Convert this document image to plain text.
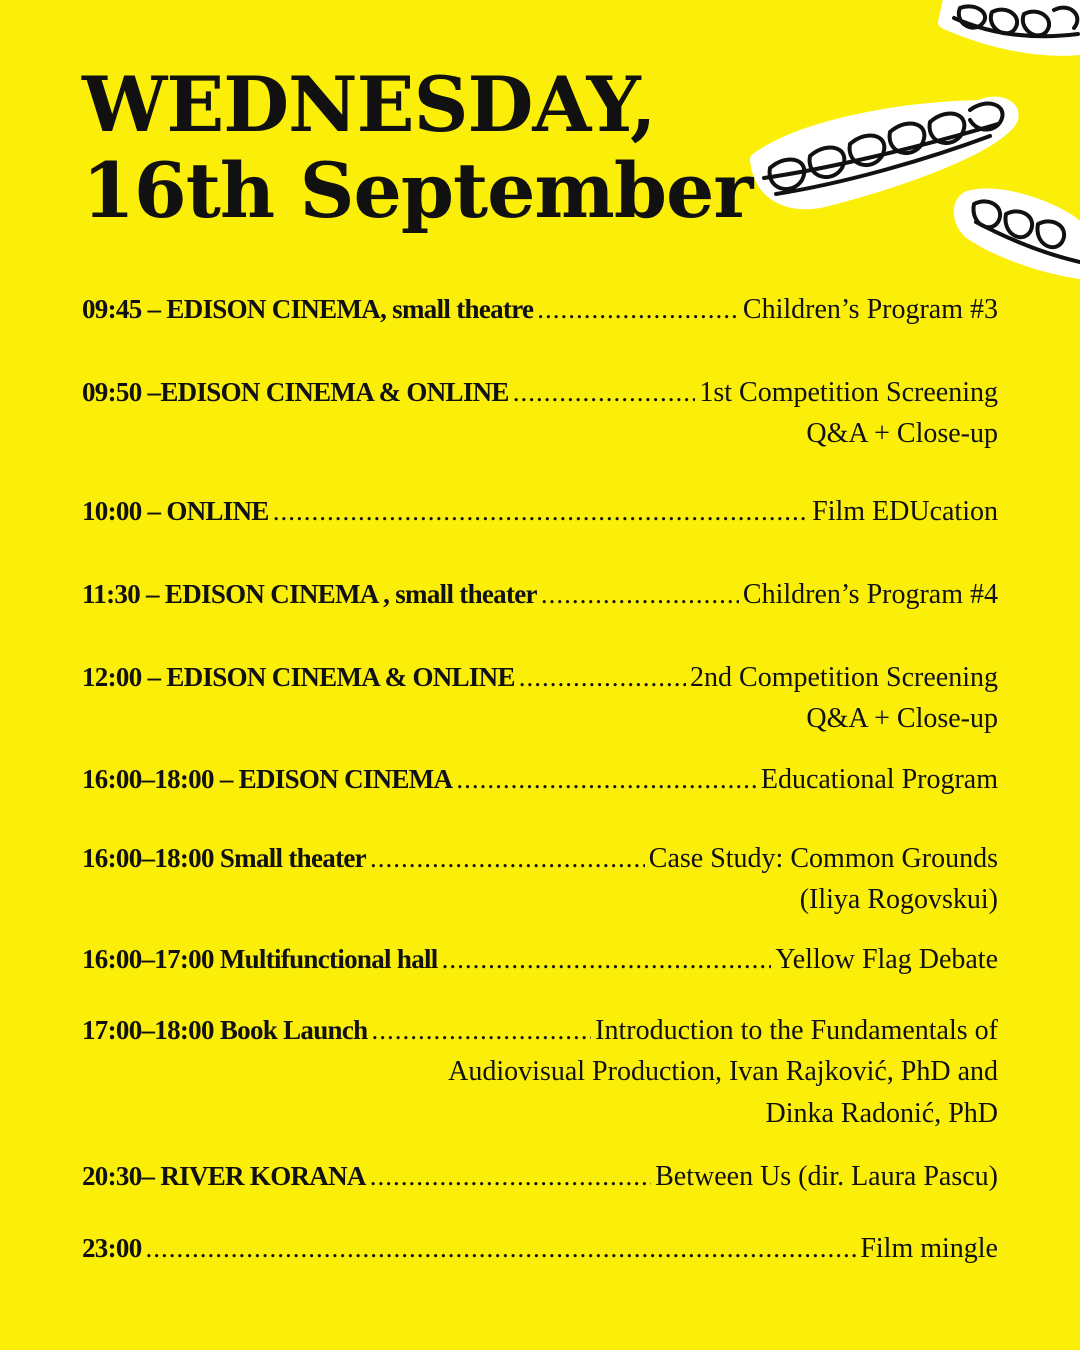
WEDNESDAY,
16th September
09:45 – EDISON CINEMA, small theatre .....	Children’s Program #3
09:50 –EDISON CINEMA & ONLINE .....	1st Competition Screening
Q&A + Close-up
10:00 – ONLINE .....	Film EDUcation
11:30 – EDISON CINEMA , small theater .....	Children’s Program #4
12:00 – EDISON CINEMA & ONLINE .....	2nd Competition Screening
Q&A + Close-up
16:00–18:00 – EDISON CINEMA .....	Educational Program
16:00–18:00 Small theater .....	Case Study: Common Grounds
(Iliya Rogovskui)
16:00–17:00 Multifunctional hall .....	Yellow Flag Debate
17:00–18:00 Book Launch .....	Introduction to the Fundamentals of
Audiovisual Production, Ivan Rajković, PhD and
Dinka Radonić, PhD
20:30– RIVER KORANA .....	Between Us (dir. Laura Pascu)
23:00 .....	Film mingle
